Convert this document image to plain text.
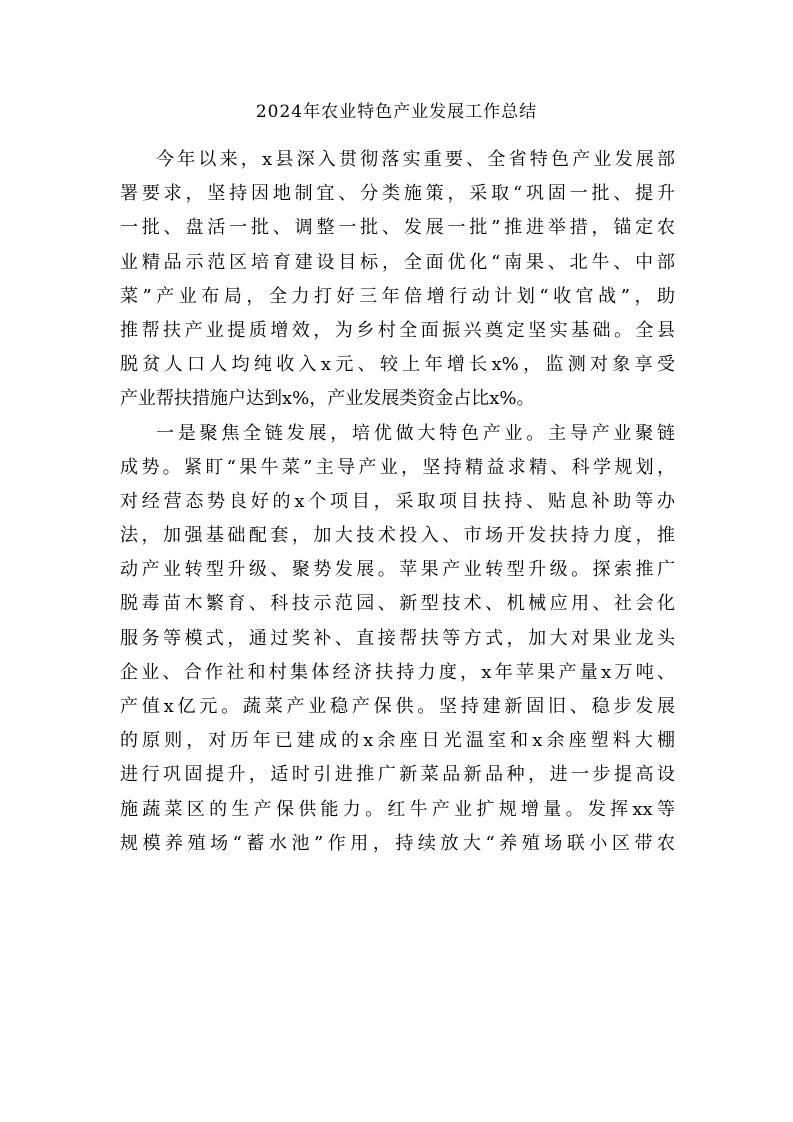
2024年农业特色产业发展工作总结

今年以来，x县深入贯彻落实重要、全省特色产业发展部
署要求，坚持因地制宜、分类施策，采取“巩固一批、提升
一批、盘活一批、调整一批、发展一批”推进举措，锚定农
业精品示范区培育建设目标，全面优化“南果、北牛、中部
菜”产业布局，全力打好三年倍增行动计划“收官战”，助
推帮扶产业提质增效，为乡村全面振兴奠定坚实基础。全县
脱贫人口人均纯收入x元、较上年增长x%，监测对象享受
产业帮扶措施户达到x%，产业发展类资金占比x%。

一是聚焦全链发展，培优做大特色产业。主导产业聚链
成势。紧盯“果牛菜”主导产业，坚持精益求精、科学规划，
对经营态势良好的x个项目，采取项目扶持、贴息补助等办
法，加强基础配套，加大技术投入、市场开发扶持力度，推
动产业转型升级、聚势发展。苹果产业转型升级。探索推广
脱毒苗木繁育、科技示范园、新型技术、机械应用、社会化
服务等模式，通过奖补、直接帮扶等方式，加大对果业龙头
企业、合作社和村集体经济扶持力度，x年苹果产量x万吨、
产值x亿元。蔬菜产业稳产保供。坚持建新固旧、稳步发展
的原则，对历年已建成的x余座日光温室和x余座塑料大棚
进行巩固提升，适时引进推广新菜品新品种，进一步提高设
施蔬菜区的生产保供能力。红牛产业扩规增量。发挥xx等
规模养殖场“蓄水池”作用，持续放大“养殖场联小区带农
